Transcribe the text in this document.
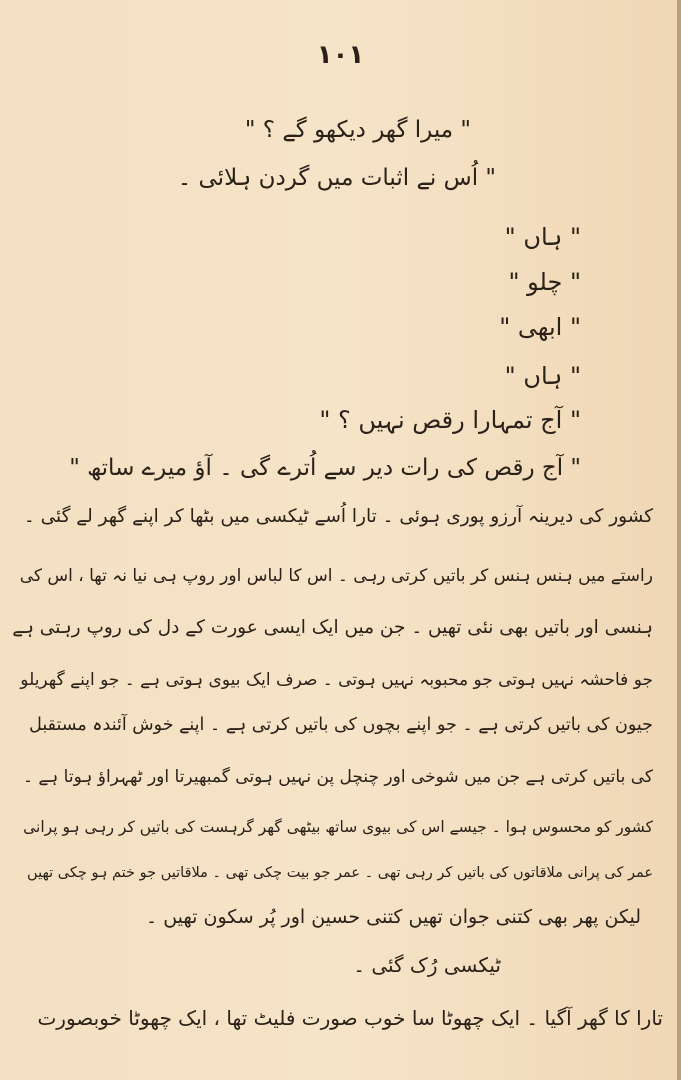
١٠١
" میرا گھر دیکھو گے ؟ "
" اُس نے اثبات میں گردن ہلائی ۔
" ہاں "
" چلو "
" ابھی "
" ہاں "
" آج تمہارا رقص نہیں ؟ "
" آج رقص کی رات دیر سے اُترے گی ۔ آؤ میرے ساتھ "
کشور کی دیرینہ آرزو پوری ہوئی ۔ تارا اُسے ٹیکسی میں بٹھا کر اپنے گھر لے گئی ۔
راستے میں ہنس ہنس کر باتیں کرتی رہی ۔ اس کا لباس اور روپ ہی نیا نہ تھا ، اس کی
ہنسی اور باتیں بھی نئی تھیں ۔ جن میں ایک ایسی عورت کے دل کی روپ رہتی ہے
جو فاحشہ نہیں ہوتی جو محبوبہ نہیں ہوتی ۔ صرف ایک بیوی ہوتی ہے ۔ جو اپنے گھریلو
جیون کی باتیں کرتی ہے ۔ جو اپنے بچوں کی باتیں کرتی ہے ۔ اپنے خوش آئندہ مستقبل
کی باتیں کرتی ہے جن میں شوخی اور چنچل پن نہیں ہوتی گمبھیرتا اور ٹھہراؤ ہوتا ہے ۔
کشور کو محسوس ہوا ۔ جیسے اس کی بیوی ساتھ بیٹھی گھر گرہست کی باتیں کر رہی ہو پرانی
عمر کی پرانی ملاقاتوں کی باتیں کر رہی تھی ۔ عمر جو بیت چکی تھی ۔ ملاقاتیں جو ختم ہو چکی تھیں
لیکن پھر بھی کتنی جوان تھیں کتنی حسین اور پُر سکون تھیں ۔
ٹیکسی رُک گئی ۔
تارا کا گھر آگیا ۔ ایک چھوٹا سا خوب صورت فلیٹ تھا ، ایک چھوٹا خوبصورت
